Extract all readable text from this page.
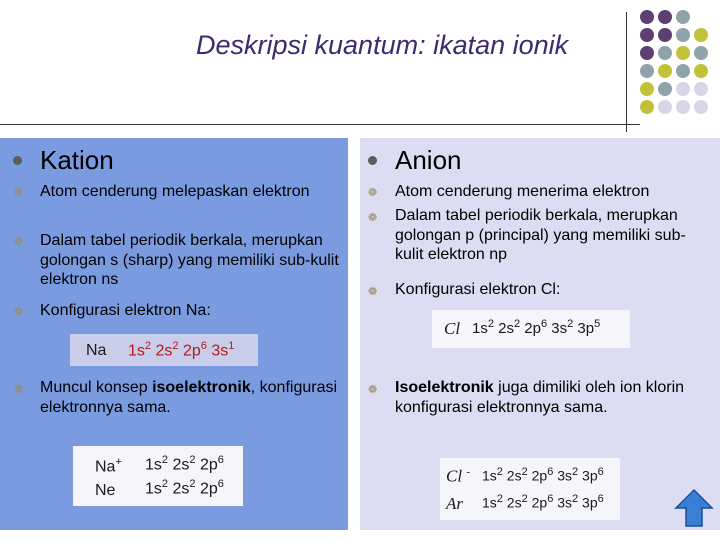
Deskripsi kuantum: ikatan ionik
Kation
❁ Atom cenderung melepaskan elektron
❁ Dalam tabel periodik berkala, merupkan golongan s (sharp) yang memiliki sub-kulit elektron ns
❁ Konfigurasi elektron Na:
Na $1s^2$ $2s^2$ $2p^6$ $3s^1$
❁ Muncul konsep isoelektronik, konfigurasi elektronnya sama.
Na+ $1s^2$ $2s^2$ $2p^6$
Ne $1s^2$ $2s^2$ $2p^6$
Anion
❁ Atom cenderung menerima elektron
❁ Dalam tabel periodik berkala, merupkan golongan p (principal) yang memiliki sub-kulit elektron np
❁ Konfigurasi elektron Cl:
Cl $1s^2$ $2s^2$ $2p^6$ $3s^2$ $3p^5$
❁ Isoelektronik juga dimiliki oleh ion klorin konfigurasi elektronnya sama.
Cl - $1s^2$ $2s^2$ $2p^6$ $3s^2$ $3p^6$
Ar $1s^2$ $2s^2$ $2p^6$ $3s^2$ $3p^6$
